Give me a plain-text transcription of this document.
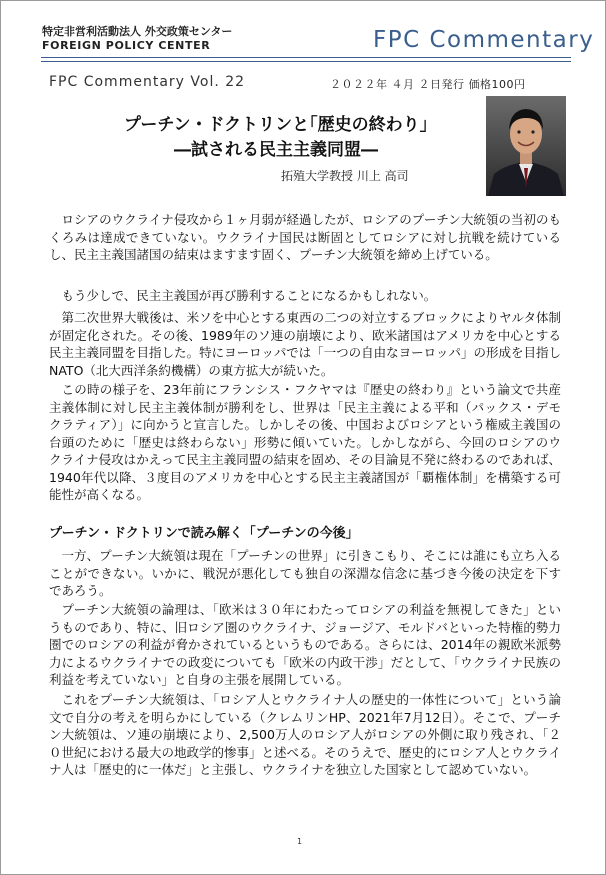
特定非営利活動法人 外交政策センター
FOREIGN POLICY CENTER	FPC Commentary
FPC Commentary Vol. 22	２０２２年 ４月 ２日発行 価格100円
プーチン・ドクトリンと｢歴史の終わり｣
―試される民主主義同盟―
拓殖大学教授 川上 高司

ロシアのウクライナ侵攻から１ヶ月弱が経過したが、ロシアのプーチン大統領の当初のもくろみは達成できていない。ウクライナ国民は断固としてロシアに対し抗戦を続けているし、民主主義国諸国の結束はますます固く、プーチン大統領を締め上げている。

もう少しで、民主主義国が再び勝利することになるかもしれない。

第二次世界大戦後は、米ソを中心とする東西の二つの対立するブロックによりヤルタ体制が固定化された。その後、1989年のソ連の崩壊により、欧米諸国はアメリカを中心とする民主主義同盟を目指した。特にヨーロッパでは「一つの自由なヨーロッパ」の形成を目指しNATO（北大西洋条約機構）の東方拡大が続いた。

この時の様子を、23年前にフランシス・フクヤマは『歴史の終わり』という論文で共産主義体制に対し民主主義体制が勝利をし、世界は「民主主義による平和（パックス・デモクラティア）」に向かうと宣言した。しかしその後、中国およびロシアという権威主義国の台頭のために「歴史は終わらない」形勢に傾いていた。しかしながら、今回のロシアのウクライナ侵攻はかえって民主主義同盟の結束を固め、その目論見不発に終わるのであれば、1940年代以降、３度目のアメリカを中心とする民主主義諸国が「覇権体制」を構築する可能性が高くなる。

プーチン・ドクトリンで読み解く「プーチンの今後」

一方、プーチン大統領は現在「プーチンの世界」に引きこもり、そこには誰にも立ち入ることができない。いかに、戦況が悪化しても独自の深淵な信念に基づき今後の決定を下すであろう。

プーチン大統領の論理は、「欧米は３０年にわたってロシアの利益を無視してきた」というものであり、特に、旧ロシア圏のウクライナ、ジョージア、モルドバといった特権的勢力圏でのロシアの利益が脅かされているというものである。さらには、2014年の親欧米派勢力によるウクライナでの政変についても「欧米の内政干渉」だとして、「ウクライナ民族の利益を考えていない」と自身の主張を展開している。

これをプーチン大統領は、「ロシア人とウクライナ人の歴史的一体性について」という論文で自分の考えを明らかにしている（クレムリンHP、2021年7月12日）。そこで、プーチン大統領は、ソ連の崩壊により、2,500万人のロシア人がロシアの外側に取り残され、「２０世紀における最大の地政学的惨事」と述べる。そのうえで、歴史的にロシア人とウクライナ人は「歴史的に一体だ」と主張し、ウクライナを独立した国家として認めていない。

1
